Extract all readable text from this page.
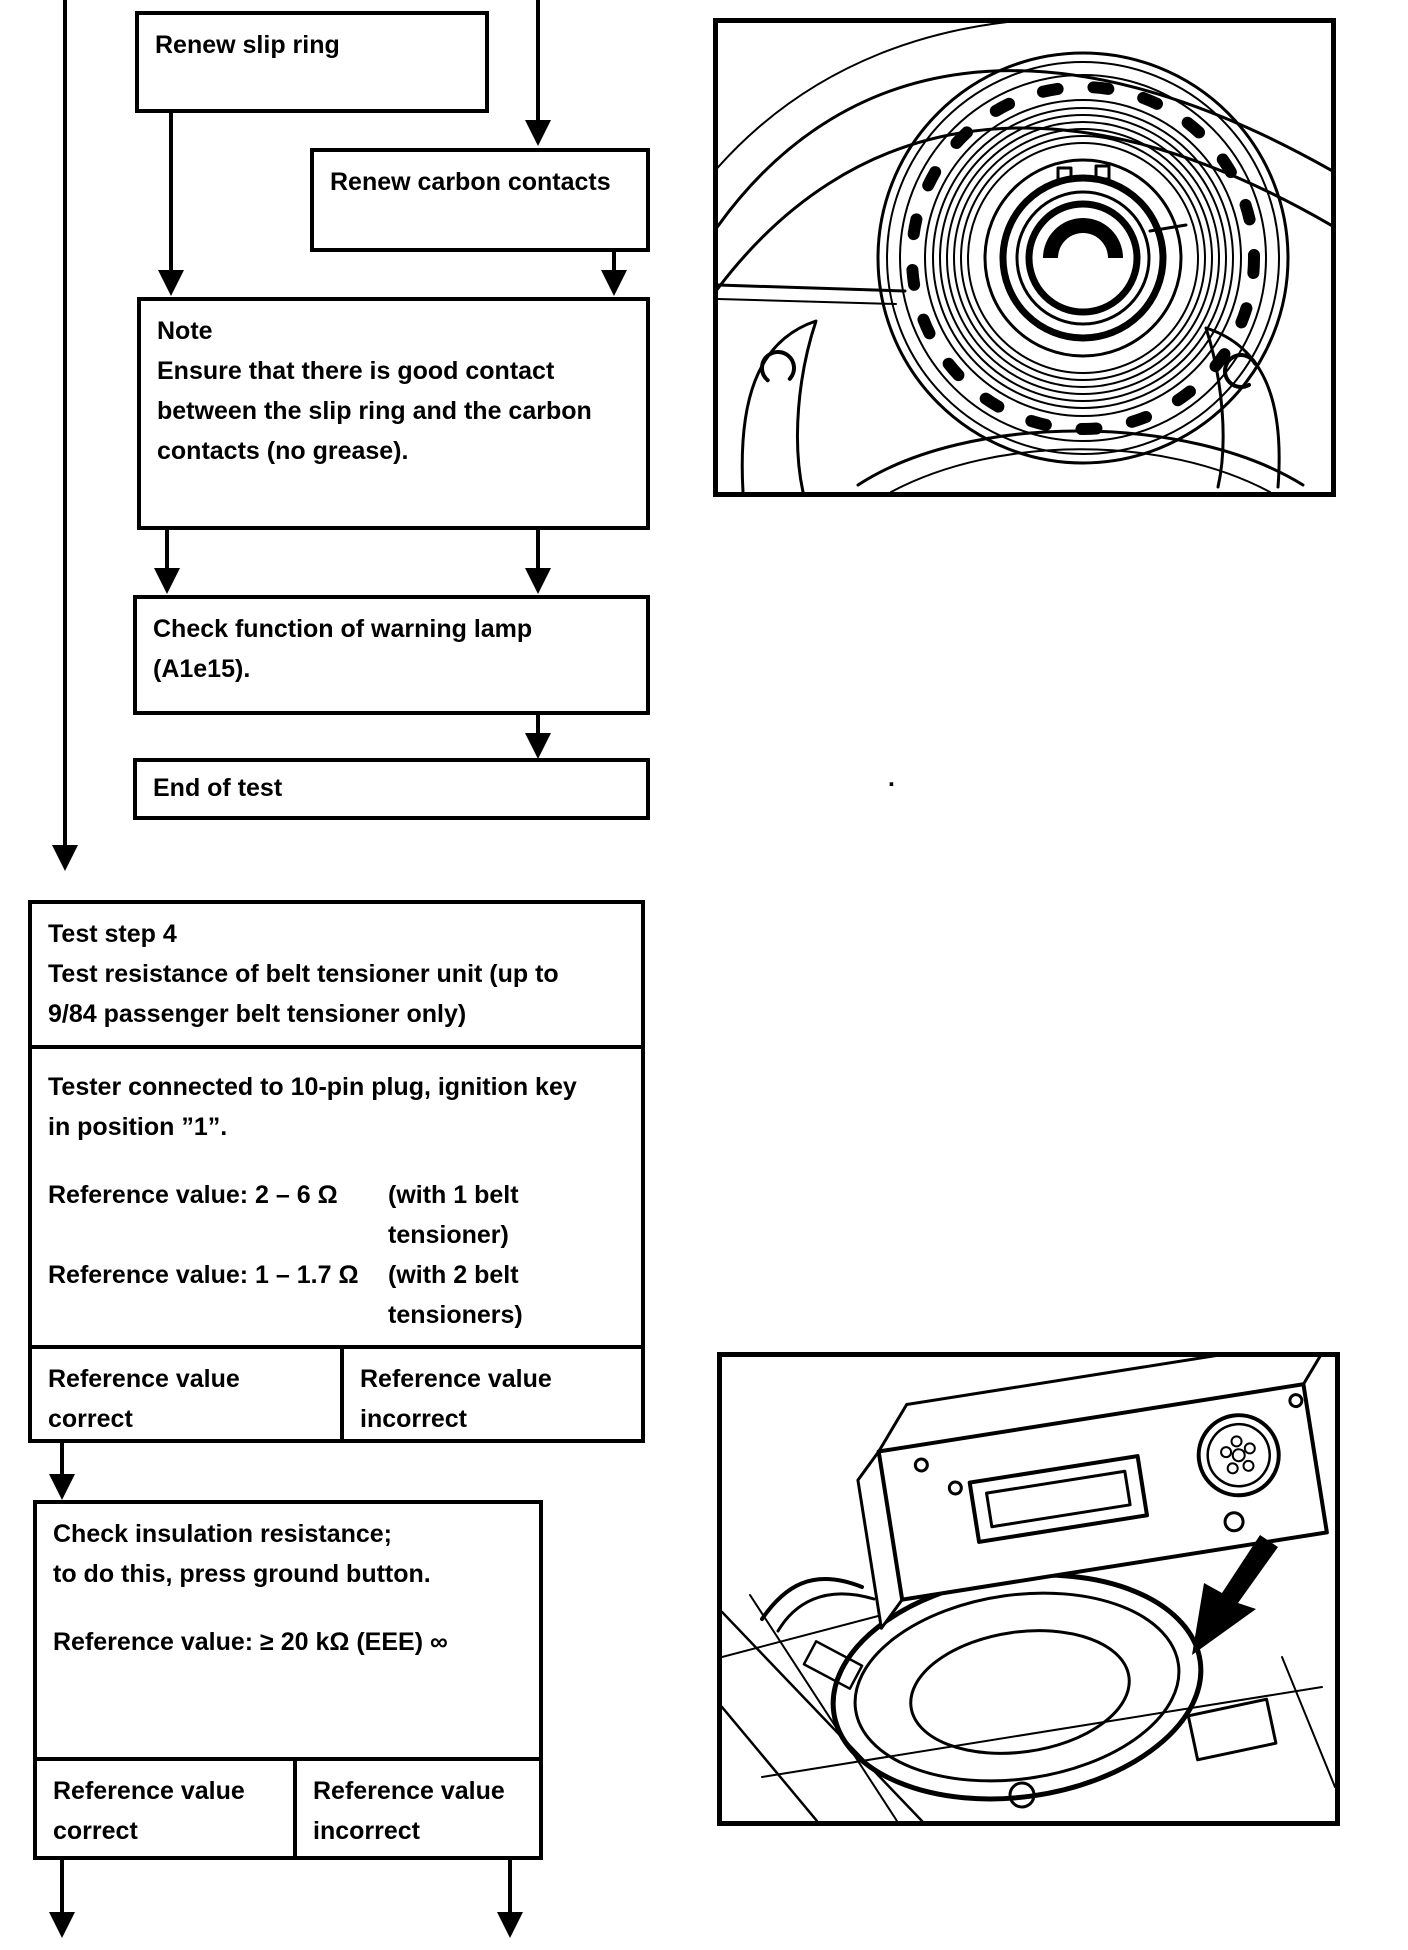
Renew slip ring
Renew carbon contacts
Note
Ensure that there is good contact
between the slip ring and the carbon
contacts (no grease).
Check function of warning lamp
(A1e15).
End of test	.
Test step 4
Test resistance of belt tensioner unit (up to
9/84 passenger belt tensioner only)
Tester connected to 10-pin plug, ignition key
in position ”1”.
Reference value: 2 – 6 Ω	(with 1 belt tensioner)
Reference value: 1 – 1.7 Ω	(with 2 belt tensioners)
Reference value correct
Reference value incorrect
Check insulation resistance;
to do this, press ground button.
Reference value: ≥ 20 kΩ (EEE) ∞
Reference value correct
Reference value incorrect
